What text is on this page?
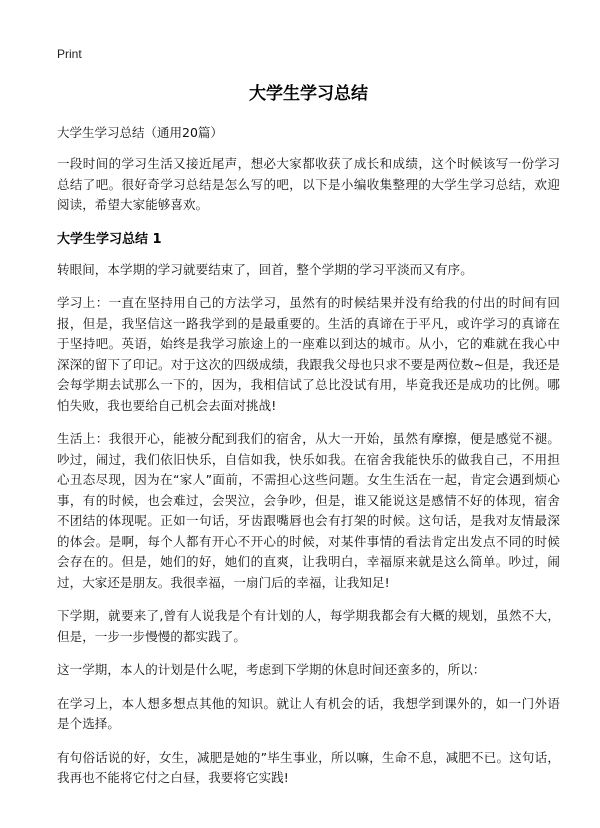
Print
大学生学习总结
大学生学习总结（通用20篇）

一段时间的学习生活又接近尾声，想必大家都收获了成长和成绩，这个时候该写一份学习总结了吧。很好奇学习总结是怎么写的吧，以下是小编收集整理的大学生学习总结，欢迎阅读，希望大家能够喜欢。

大学生学习总结 1

转眼间，本学期的学习就要结束了，回首，整个学期的学习平淡而又有序。

学习上：一直在坚持用自己的方法学习，虽然有的时候结果并没有给我的付出的时间有回报，但是，我坚信这一路我学到的是最重要的。生活的真谛在于平凡，或许学习的真谛在于坚持吧。英语，始终是我学习旅途上的一座难以到达的城市。从小，它的难就在我心中深深的留下了印记。对于这次的四级成绩，我跟我父母也只求不要是两位数~但是，我还是会每学期去试那么一下的，因为，我相信试了总比没试有用，毕竟我还是成功的比例。哪怕失败，我也要给自己机会去面对挑战!

生活上：我很开心，能被分配到我们的宿舍，从大一开始，虽然有摩擦，便是感觉不褪。吵过，闹过，我们依旧快乐，自信如我，快乐如我。在宿舍我能快乐的做我自己，不用担心丑态尽现，因为在“家人”面前，不需担心这些问题。女生生活在一起，肯定会遇到烦心事，有的时候，也会难过，会哭泣，会争吵，但是，谁又能说这是感情不好的体现，宿舍不团结的体现呢。正如一句话，牙齿跟嘴唇也会有打架的时候。这句话，是我对友情最深的体会。是啊，每个人都有开心不开心的时候，对某件事情的看法肯定出发点不同的时候会存在的。但是，她们的好，她们的直爽，让我明白，幸福原来就是这么简单。吵过，闹过，大家还是朋友。我很幸福，一扇门后的幸福，让我知足!

下学期，就要来了,曾有人说我是个有计划的人，每学期我都会有大概的规划，虽然不大，但是，一步一步慢慢的都实践了。

这一学期，本人的计划是什么呢，考虑到下学期的休息时间还蛮多的，所以：

在学习上，本人想多想点其他的知识。就让人有机会的话，我想学到课外的，如一门外语是个选择。

有句俗话说的好，女生，减肥是她的”毕生事业，所以嘛，生命不息，减肥不已。这句话，我再也不能将它付之白昼，我要将它实践!
